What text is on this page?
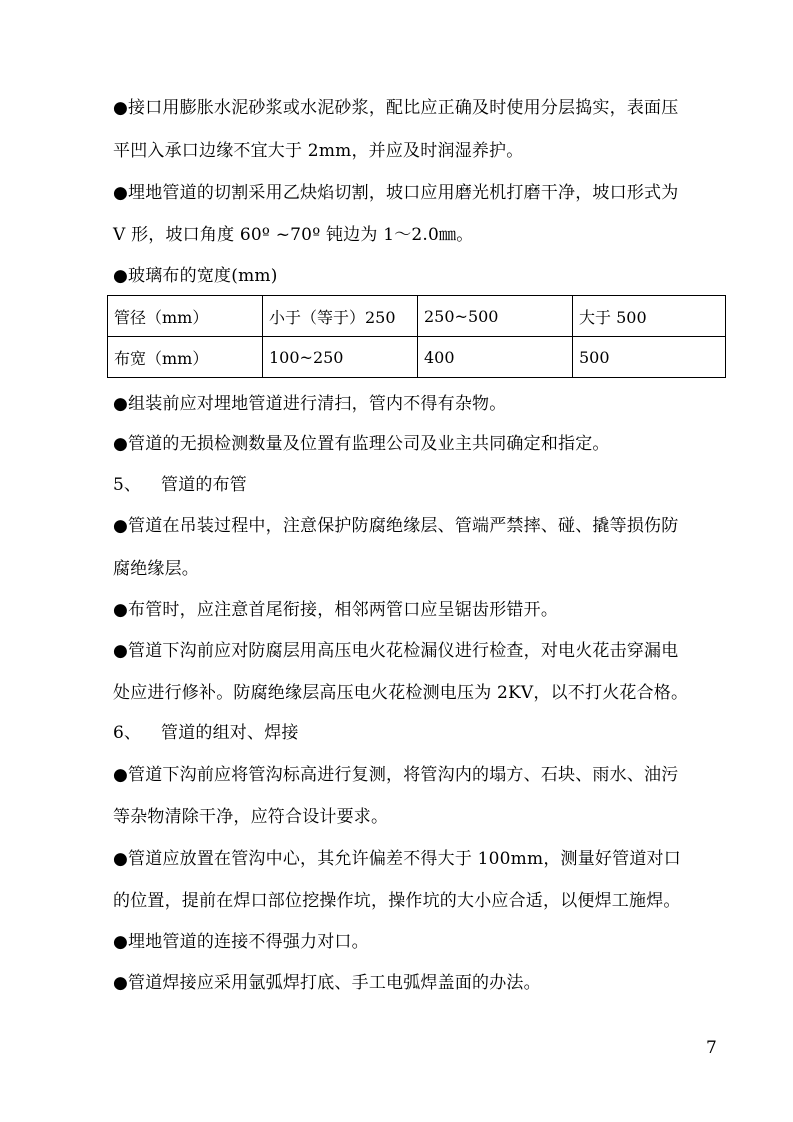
●接口用膨胀水泥砂浆或水泥砂浆，配比应正确及时使用分层捣实，表面压
平凹入承口边缘不宜大于 2mm，并应及时润湿养护。
●埋地管道的切割采用乙炔焰切割，坡口应用磨光机打磨干净，坡口形式为
V 形，坡口角度 60º ~70º 钝边为 1～2.0㎜。
●玻璃布的宽度(mm)
管径（mm）	小于（等于）250	250~500	大于 500
布宽（mm）	100~250	400	500
●组装前应对埋地管道进行清扫，管内不得有杂物。
●管道的无损检测数量及位置有监理公司及业主共同确定和指定。
5、 管道的布管
●管道在吊装过程中，注意保护防腐绝缘层、管端严禁摔、碰、撬等损伤防
腐绝缘层。
●布管时，应注意首尾衔接，相邻两管口应呈锯齿形错开。
●管道下沟前应对防腐层用高压电火花检漏仪进行检查，对电火花击穿漏电
处应进行修补。防腐绝缘层高压电火花检测电压为 2KV，以不打火花合格。
6、 管道的组对、焊接
●管道下沟前应将管沟标高进行复测，将管沟内的塌方、石块、雨水、油污
等杂物清除干净，应符合设计要求。
●管道应放置在管沟中心，其允许偏差不得大于 100mm，测量好管道对口
的位置，提前在焊口部位挖操作坑，操作坑的大小应合适，以便焊工施焊。
●埋地管道的连接不得强力对口。
●管道焊接应采用氩弧焊打底、手工电弧焊盖面的办法。
7
